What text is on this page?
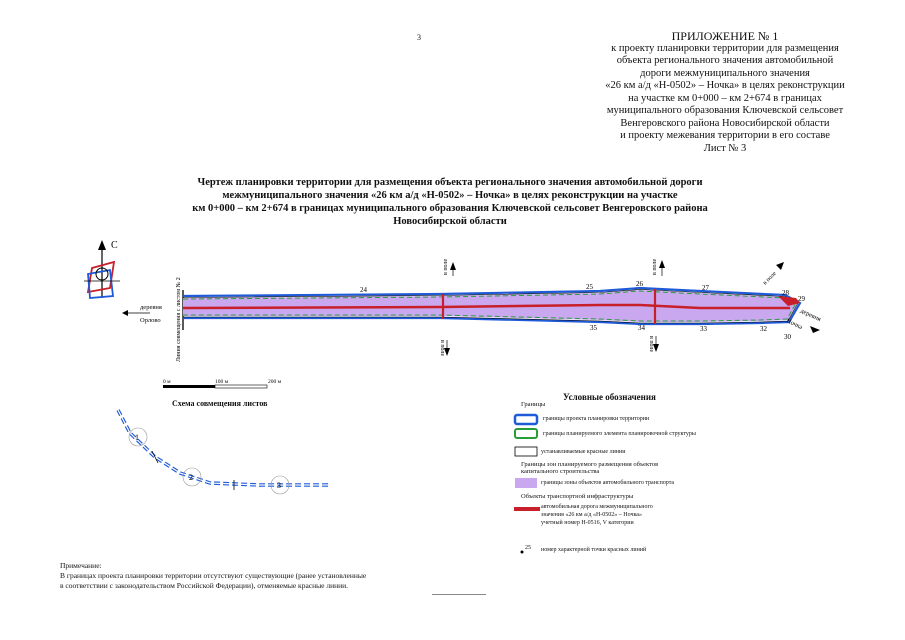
3	ПРИЛОЖЕНИЕ № 1
к проекту планировки территории для размещения
объекта регионального значения автомобильной
дороги межмуниципального значения
«26 км а/д «Н-0502» – Ночка» в целях реконструкции
на участке км 0+000 – км 2+674 в границах
муниципального образования Ключевской сельсовет
Венгеровского района Новосибирской области
и проекту межевания территории в его составе
Лист № 3
Чертеж планировки территории для размещения объекта регионального значения автомобильной дороги
межмуниципального значения «26 км а/д «Н-0502» – Ночка» в целях реконструкции на участке
км 0+000 – км 2+674 в границах муниципального образования Ключевской сельсовет Венгеровского района
Новосибирской области
С
деревня
Орлово	Линия совмещения с листом № 2
в поле
в поле
в поле
в поле
в поле
24	25	26	27
28
29
35	34	33	32
30
деревня
Ночка
0 м	100 м	200 м
Схема совмещения листов
1
2
3
Условные обозначения
Границы
границы проекта планировки территории
границы планируемого элемента планировочной структуры
устанавливаемые красные линии
Границы зон планируемого размещения объектов
капитального строительства
границы зоны объектов автомобильного транспорта
Объекты транспортной инфраструктуры
автомобильная дорога межмуниципального
значения «26 км а/д «Н-0502» – Ночка»
учетный номер Н-0516, V категории
25 номер характерной точки красных линий
Примечание:
В границах проекта планировки территории отсутствуют существующие (ранее установленные
в соответствии с законодательством Российской Федерации), отменяемые красные линии.
